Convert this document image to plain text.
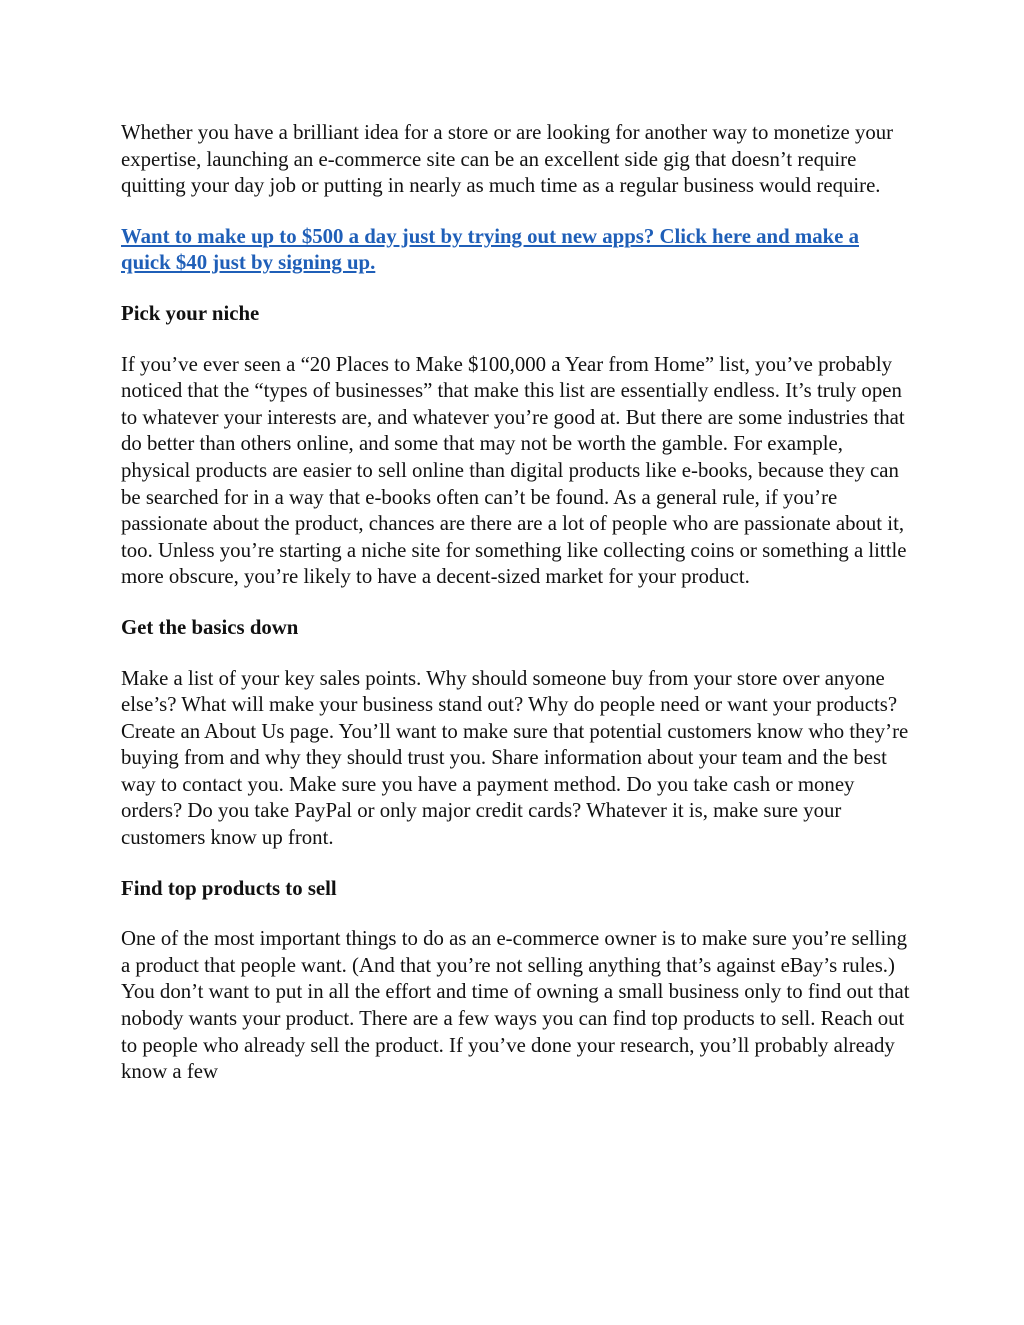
Whether you have a brilliant idea for a store or are looking for another way to monetize your expertise, launching an e-commerce site can be an excellent side gig that doesn’t require quitting your day job or putting in nearly as much time as a regular business would require.

Want to make up to $500 a day just by trying out new apps? Click here and make a quick $40 just by signing up.

Pick your niche

If you’ve ever seen a “20 Places to Make $100,000 a Year from Home” list, you’ve probably noticed that the “types of businesses” that make this list are essentially endless. It’s truly open to whatever your interests are, and whatever you’re good at. But there are some industries that do better than others online, and some that may not be worth the gamble. For example, physical products are easier to sell online than digital products like e-books, because they can be searched for in a way that e-books often can’t be found. As a general rule, if you’re passionate about the product, chances are there are a lot of people who are passionate about it, too. Unless you’re starting a niche site for something like collecting coins or something a little more obscure, you’re likely to have a decent-sized market for your product.

Get the basics down

Make a list of your key sales points. Why should someone buy from your store over anyone else’s? What will make your business stand out? Why do people need or want your products? Create an About Us page. You’ll want to make sure that potential customers know who they’re buying from and why they should trust you. Share information about your team and the best way to contact you. Make sure you have a payment method. Do you take cash or money orders? Do you take PayPal or only major credit cards? Whatever it is, make sure your customers know up front.

Find top products to sell

One of the most important things to do as an e-commerce owner is to make sure you’re selling a product that people want. (And that you’re not selling anything that’s against eBay’s rules.) You don’t want to put in all the effort and time of owning a small business only to find out that nobody wants your product. There are a few ways you can find top products to sell. Reach out to people who already sell the product. If you’ve done your research, you’ll probably already know a few
